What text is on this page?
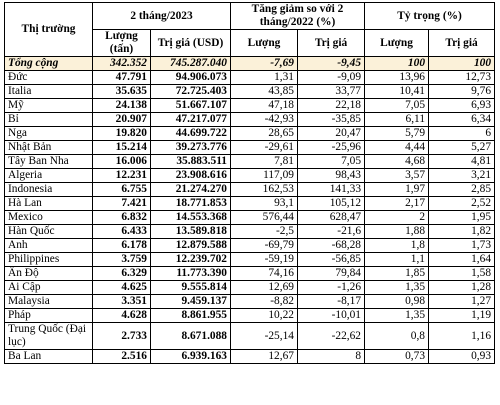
Thị trường	2 tháng/2023		Tăng giảm so với 2 tháng/2022 (%)		Tỷ trọng (%)	
	Lượng (tấn)	Trị giá (USD)	Lượng	Trị giá	Lượng	Trị giá
Tổng cộng	342.352	745.287.040	-7,69	-9,45	100	100
Đức	47.791	94.906.073	1,31	-9,09	13,96	12,73
Italia	35.635	72.725.403	43,85	33,77	10,41	9,76
Mỹ	24.138	51.667.107	47,18	22,18	7,05	6,93
Bỉ	20.907	47.217.077	-42,93	-35,85	6,11	6,34
Nga	19.820	44.699.722	28,65	20,47	5,79	6
Nhật Bản	15.214	39.273.776	-29,61	-25,96	4,44	5,27
Tây Ban Nha	16.006	35.883.511	7,81	7,05	4,68	4,81
Algeria	12.231	23.908.616	117,09	98,43	3,57	3,21
Indonesia	6.755	21.274.270	162,53	141,33	1,97	2,85
Hà Lan	7.421	18.771.853	93,1	105,12	2,17	2,52
Mexico	6.832	14.553.368	576,44	628,47	2	1,95
Hàn Quốc	6.433	13.589.818	-2,5	-21,6	1,88	1,82
Anh	6.178	12.879.588	-69,79	-68,28	1,8	1,73
Philippines	3.759	12.239.702	-59,19	-56,85	1,1	1,64
Ấn Độ	6.329	11.773.390	74,16	79,84	1,85	1,58
Ai Cập	4.625	9.555.814	12,69	-1,26	1,35	1,28
Malaysia	3.351	9.459.137	-8,82	-8,17	0,98	1,27
Pháp	4.628	8.861.955	10,22	-10,01	1,35	1,19
Trung Quốc (Đại lục)	2.733	8.671.088	-25,14	-22,62	0,8	1,16
Ba Lan	2.516	6.939.163	12,67	8	0,73	0,93
